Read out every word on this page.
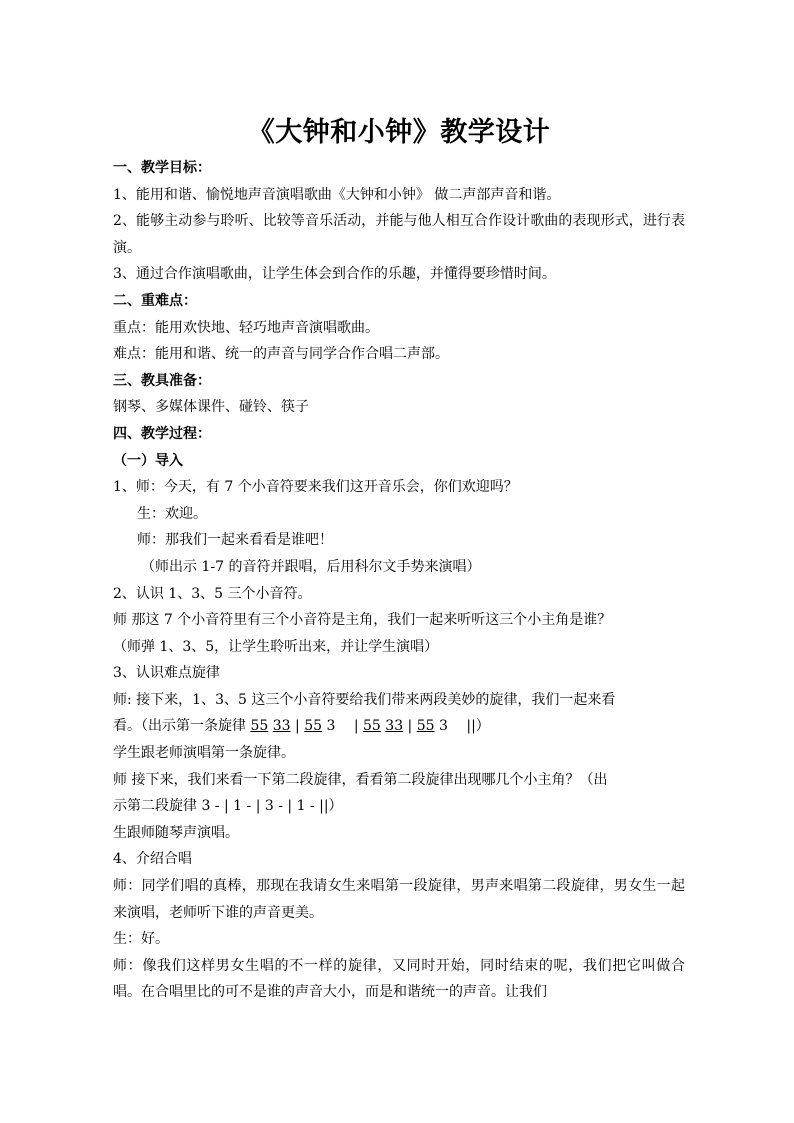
《大钟和小钟》教学设计
一、教学目标：
1、能用和谐、愉悦地声音演唱歌曲《大钟和小钟》 做二声部声音和谐。
2、能够主动参与聆听、比较等音乐活动，并能与他人相互合作设计歌曲的表现形式，进行表演。
3、通过合作演唱歌曲，让学生体会到合作的乐趣，并懂得要珍惜时间。
二、重难点：
重点：能用欢快地、轻巧地声音演唱歌曲。
难点：能用和谐、统一的声音与同学合作合唱二声部。
三、教具准备：
钢琴、多媒体课件、碰铃、筷子
四、教学过程：
（一）导入
1、师：今天，有 7 个小音符要来我们这开音乐会，你们欢迎吗？
生：欢迎。
师：那我们一起来看看是谁吧！
（师出示 1-7 的音符并跟唱，后用科尔文手势来演唱）
2、认识 1、3、5 三个小音符。
师 那这 7 个小音符里有三个小音符是主角，我们一起来听听这三个小主角是谁？
（师弹 1、3、5，让学生聆听出来，并让学生演唱）
3、认识难点旋律
师: 接下来，1、3、5 这三个小音符要给我们带来两段美妙的旋律，我们一起来看
看。（出示第一条旋律 55 33 | 55 3 　| 55 33 | 55 3 　||）
学生跟老师演唱第一条旋律。
师 接下来，我们来看一下第二段旋律，看看第二段旋律出现哪几个小主角？（出
示第二段旋律 3 - | 1 - | 3 - | 1 - ||）
生跟师随琴声演唱。
4、介绍合唱
师：同学们唱的真棒，那现在我请女生来唱第一段旋律，男声来唱第二段旋律，男女生一起来演唱，老师听下谁的声音更美。
生：好。
师：像我们这样男女生唱的不一样的旋律，又同时开始，同时结束的呢，我们把它叫做合唱。在合唱里比的可不是谁的声音大小，而是和谐统一的声音。让我们
